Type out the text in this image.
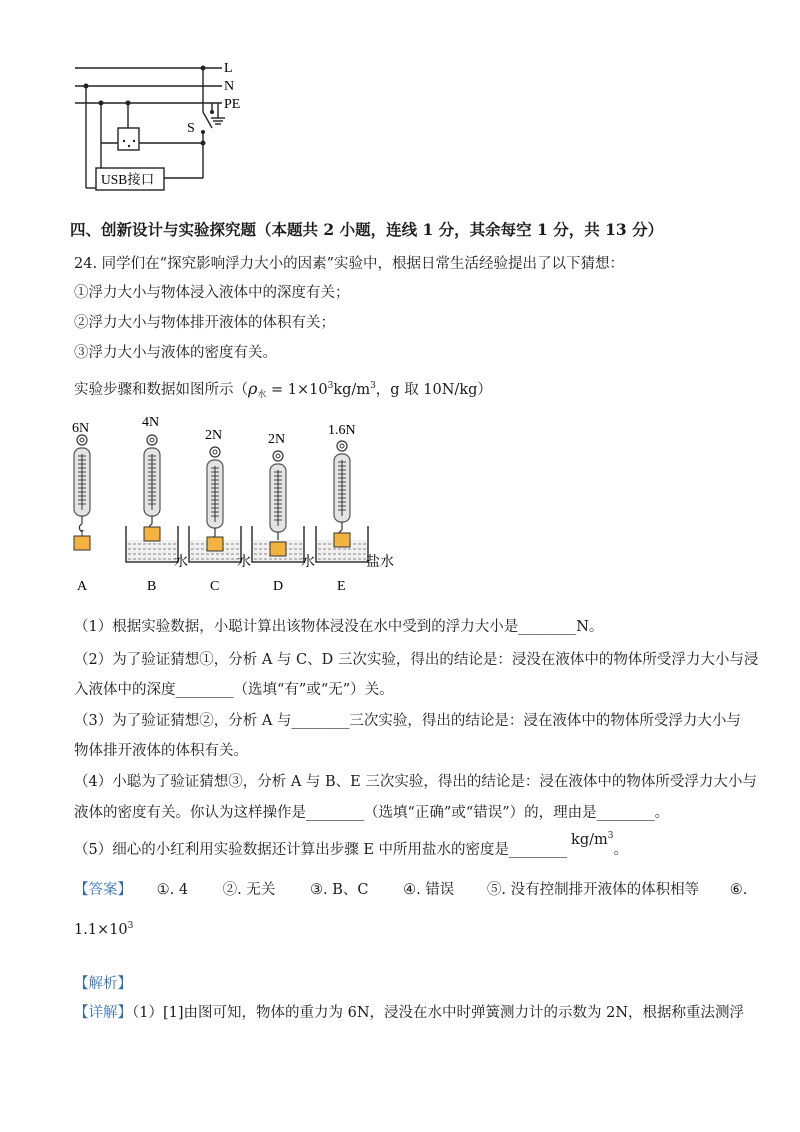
L
N
PE
S
USB接口
四、创新设计与实验探究题（本题共 2 小题，连线 1 分，其余每空 1 分，共 13 分）
24. 同学们在“探究影响浮力大小的因素”实验中，根据日常生活经验提出了以下猜想：
①浮力大小与物体浸入液体中的深度有关；
②浮力大小与物体排开液体的体积有关；
③浮力大小与液体的密度有关。
实验步骤和数据如图所示（$\rho_水 = 1\times 10^3kg/m^3$，g 取 10N/kg）
6N	4N
2N	2N
1.6N
水	水	水	盐水
A	B	C	D	E
（1）根据实验数据，小聪计算出该物体浸没在水中受到的浮力大小是________N。
（2）为了验证猜想①，分析 A 与 C、D 三次实验，得出的结论是：浸没在液体中的物体所受浮力大小与浸
入液体中的深度________（选填“有”或“无”）关。
（3）为了验证猜想②，分析 A 与________三次实验，得出的结论是：浸在液体中的物体所受浮力大小与
物体排开液体的体积有关。
（4）小聪为了验证猜想③，分析 A 与 B、E 三次实验，得出的结论是：浸在液体中的物体所受浮力大小与
液体的密度有关。你认为这样操作是________（选填“正确”或“错误”）的，理由是________。
（5）细心的小红利用实验数据还计算出步骤 E 中所用盐水的密度是$\_\_\_\_\_\_\_\_kg/m^3$。
【答案】 ①. 4 ②. 无关 ③. B、C ④. 错误 ⑤. 没有控制排开液体的体积相等 ⑥.
$1.1\times 10^3$
【解析】
【详解】（1）[1]由图可知，物体的重力为 6N，浸没在水中时弹簧测力计的示数为 2N，根据称重法测浮
